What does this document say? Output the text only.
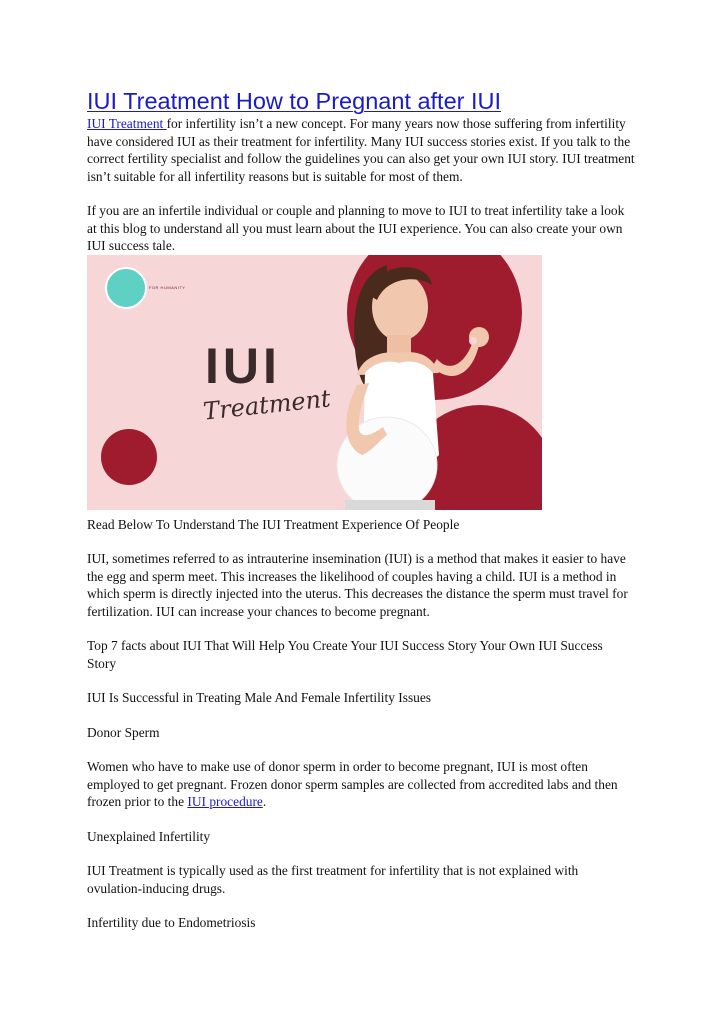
IUI Treatment How to Pregnant after IUI

IUI Treatment for infertility isn’t a new concept. For many years now those suffering from infertility have considered IUI as their treatment for infertility. Many IUI success stories exist. If you talk to the correct fertility specialist and follow the guidelines you can also get your own IUI story. IUI treatment isn’t suitable for all infertility reasons but is suitable for most of them.

If you are an infertile individual or couple and planning to move to IUI to treat infertility take a look at this blog to understand all you must learn about the IUI experience. You can also create your own IUI success tale.

FOR HUMANITY
IUI
Treatment

Read Below To Understand The IUI Treatment Experience Of People

IUI, sometimes referred to as intrauterine insemination (IUI) is a method that makes it easier to have the egg and sperm meet. This increases the likelihood of couples having a child. IUI is a method in which sperm is directly injected into the uterus. This decreases the distance the sperm must travel for fertilization. IUI can increase your chances to become pregnant.

Top 7 facts about IUI That Will Help You Create Your IUI Success Story Your Own IUI Success Story

IUI Is Successful in Treating Male And Female Infertility Issues

Donor Sperm

Women who have to make use of donor sperm in order to become pregnant, IUI is most often employed to get pregnant. Frozen donor sperm samples are collected from accredited labs and then frozen prior to the IUI procedure.

Unexplained Infertility

IUI Treatment is typically used as the first treatment for infertility that is not explained with ovulation-inducing drugs.

Infertility due to Endometriosis
